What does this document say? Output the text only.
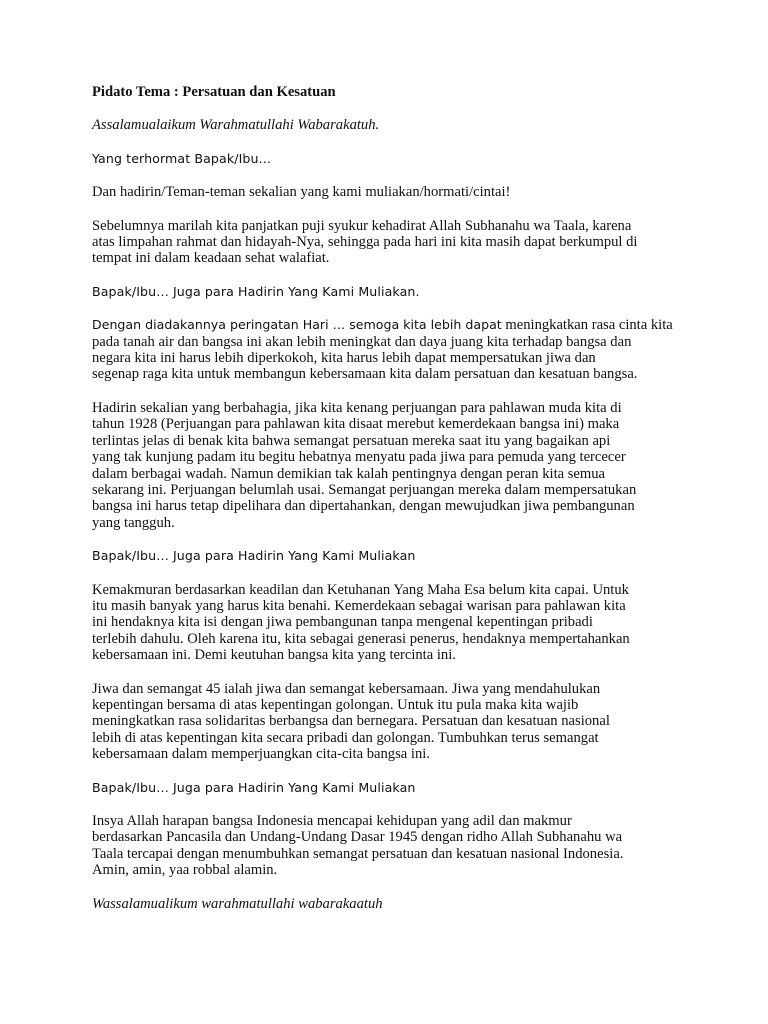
Pidato Tema : Persatuan dan Kesatuan

Assalamualaikum Warahmatullahi Wabarakatuh.

Yang terhormat Bapak/Ibu…

Dan hadirin/Teman-teman sekalian yang kami muliakan/hormati/cintai!

Sebelumnya marilah kita panjatkan puji syukur kehadirat Allah Subhanahu wa Taala, karena
atas limpahan rahmat dan hidayah-Nya, sehingga pada hari ini kita masih dapat berkumpul di
tempat ini dalam keadaan sehat walafiat.

Bapak/Ibu… Juga para Hadirin Yang Kami Muliakan.

Dengan diadakannya peringatan Hari … semoga kita lebih dapat meningkatkan rasa cinta kita
pada tanah air dan bangsa ini akan lebih meningkat dan daya juang kita terhadap bangsa dan
negara kita ini harus lebih diperkokoh, kita harus lebih dapat mempersatukan jiwa dan
segenap raga kita untuk membangun kebersamaan kita dalam persatuan dan kesatuan bangsa.

Hadirin sekalian yang berbahagia, jika kita kenang perjuangan para pahlawan muda kita di
tahun 1928 (Perjuangan para pahlawan kita disaat merebut kemerdekaan bangsa ini) maka
terlintas jelas di benak kita bahwa semangat persatuan mereka saat itu yang bagaikan api
yang tak kunjung padam itu begitu hebatnya menyatu pada jiwa para pemuda yang tercecer
dalam berbagai wadah. Namun demikian tak kalah pentingnya dengan peran kita semua
sekarang ini. Perjuangan belumlah usai. Semangat perjuangan mereka dalam mempersatukan
bangsa ini harus tetap dipelihara dan dipertahankan, dengan mewujudkan jiwa pembangunan
yang tangguh.

Bapak/Ibu… Juga para Hadirin Yang Kami Muliakan

Kemakmuran berdasarkan keadilan dan Ketuhanan Yang Maha Esa belum kita capai. Untuk
itu masih banyak yang harus kita benahi. Kemerdekaan sebagai warisan para pahlawan kita
ini hendaknya kita isi dengan jiwa pembangunan tanpa mengenal kepentingan pribadi
terlebih dahulu. Oleh karena itu, kita sebagai generasi penerus, hendaknya mempertahankan
kebersamaan ini. Demi keutuhan bangsa kita yang tercinta ini.

Jiwa dan semangat 45 ialah jiwa dan semangat kebersamaan. Jiwa yang mendahulukan
kepentingan bersama di atas kepentingan golongan. Untuk itu pula maka kita wajib
meningkatkan rasa solidaritas berbangsa dan bernegara. Persatuan dan kesatuan nasional
lebih di atas kepentingan kita secara pribadi dan golongan. Tumbuhkan terus semangat
kebersamaan dalam memperjuangkan cita-cita bangsa ini.

Bapak/Ibu… Juga para Hadirin Yang Kami Muliakan

Insya Allah harapan bangsa Indonesia mencapai kehidupan yang adil dan makmur
berdasarkan Pancasila dan Undang-Undang Dasar 1945 dengan ridho Allah Subhanahu wa
Taala tercapai dengan menumbuhkan semangat persatuan dan kesatuan nasional Indonesia.
Amin, amin, yaa robbal alamin.

Wassalamualikum warahmatullahi wabarakaatuh
